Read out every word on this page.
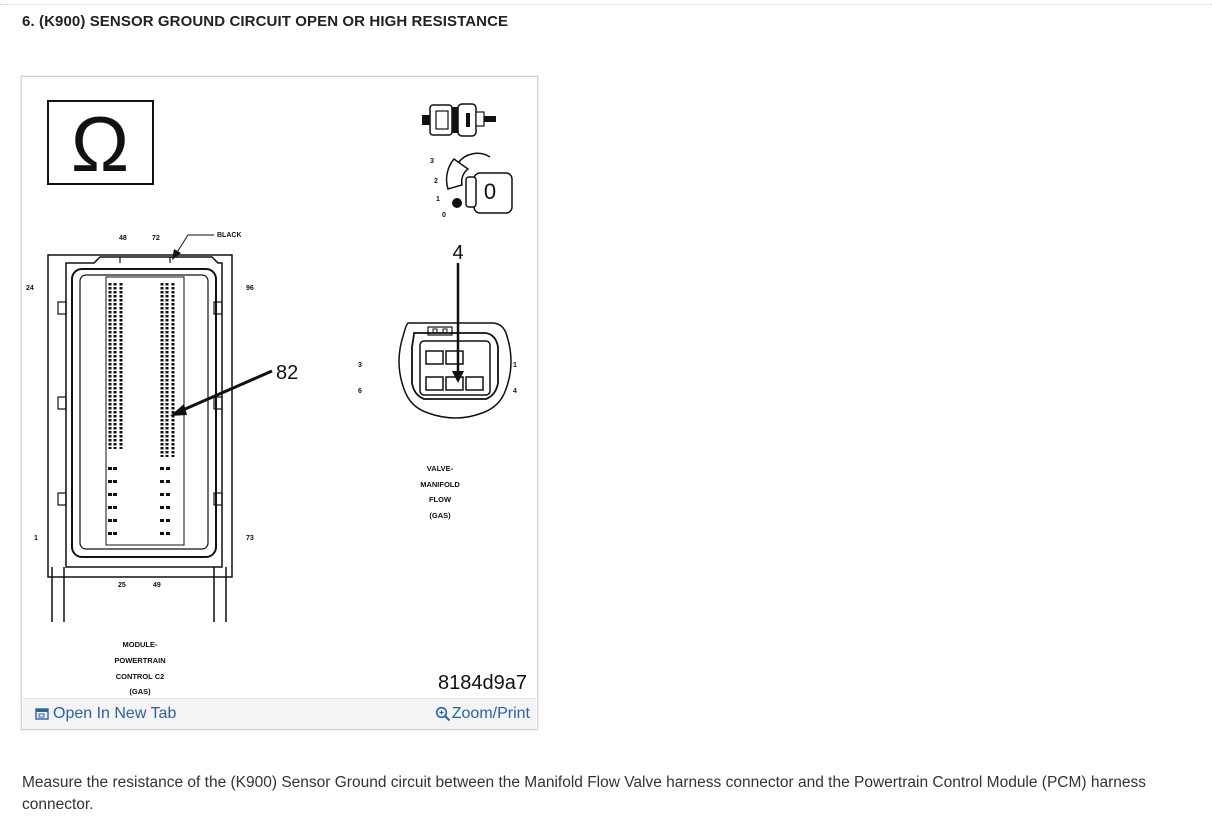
6. (K900) SENSOR GROUND CIRCUIT OPEN OR HIGH RESISTANCE
Ω	3
2
1
0
0
BLACK
48	72
24	96
1	73
25	49
82
MODULE-
POWERTRAIN
CONTROL C2
(GAS)
4
3
6
1
4
VALVE-
MANIFOLD
FLOW
(GAS)
8184d9a7
Open In New Tab	Zoom/Print
Measure the resistance of the (K900) Sensor Ground circuit between the Manifold Flow Valve harness connector and the Powertrain Control Module (PCM) harness connector.
